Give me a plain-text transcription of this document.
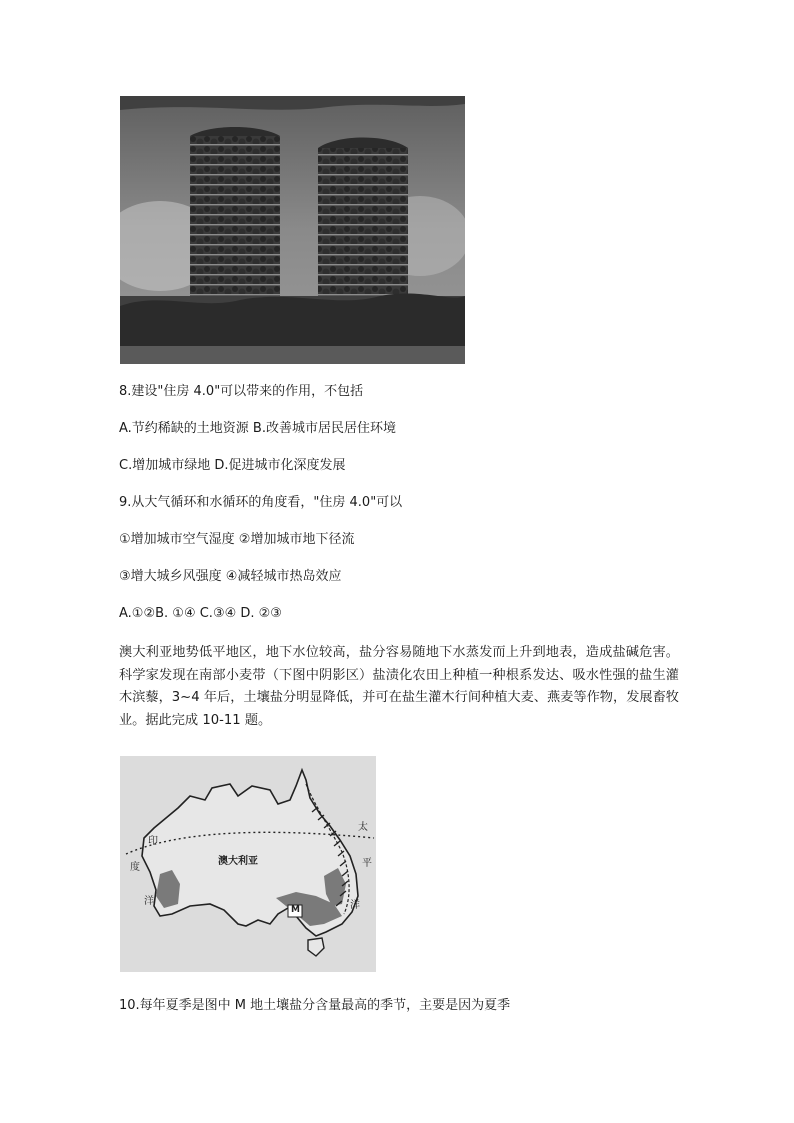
8.建设"住房 4.0"可以带来的作用，不包括
A.节约稀缺的土地资源 B.改善城市居民居住环境
C.增加城市绿地 D.促进城市化深度发展
9.从大气循环和水循环的角度看，"住房 4.0"可以
①增加城市空气湿度 ②增加城市地下径流
③增大城乡风强度 ④减轻城市热岛效应
A.①②B. ①④ C.③④ D. ②③
澳大利亚地势低平地区，地下水位较高，盐分容易随地下水蒸发而上升到地表，造成盐碱危害。科学家发现在南部小麦带（下图中阴影区）盐渍化农田上种植一种根系发达、吸水性强的盐生灌木滨藜，3~4 年后，土壤盐分明显降低，并可在盐生灌木行间种植大麦、燕麦等作物，发展畜牧业。据此完成 10-11 题。
澳大利亚
印
度
洋
太
平
洋
M
10.每年夏季是图中 M 地土壤盐分含量最高的季节，主要是因为夏季
